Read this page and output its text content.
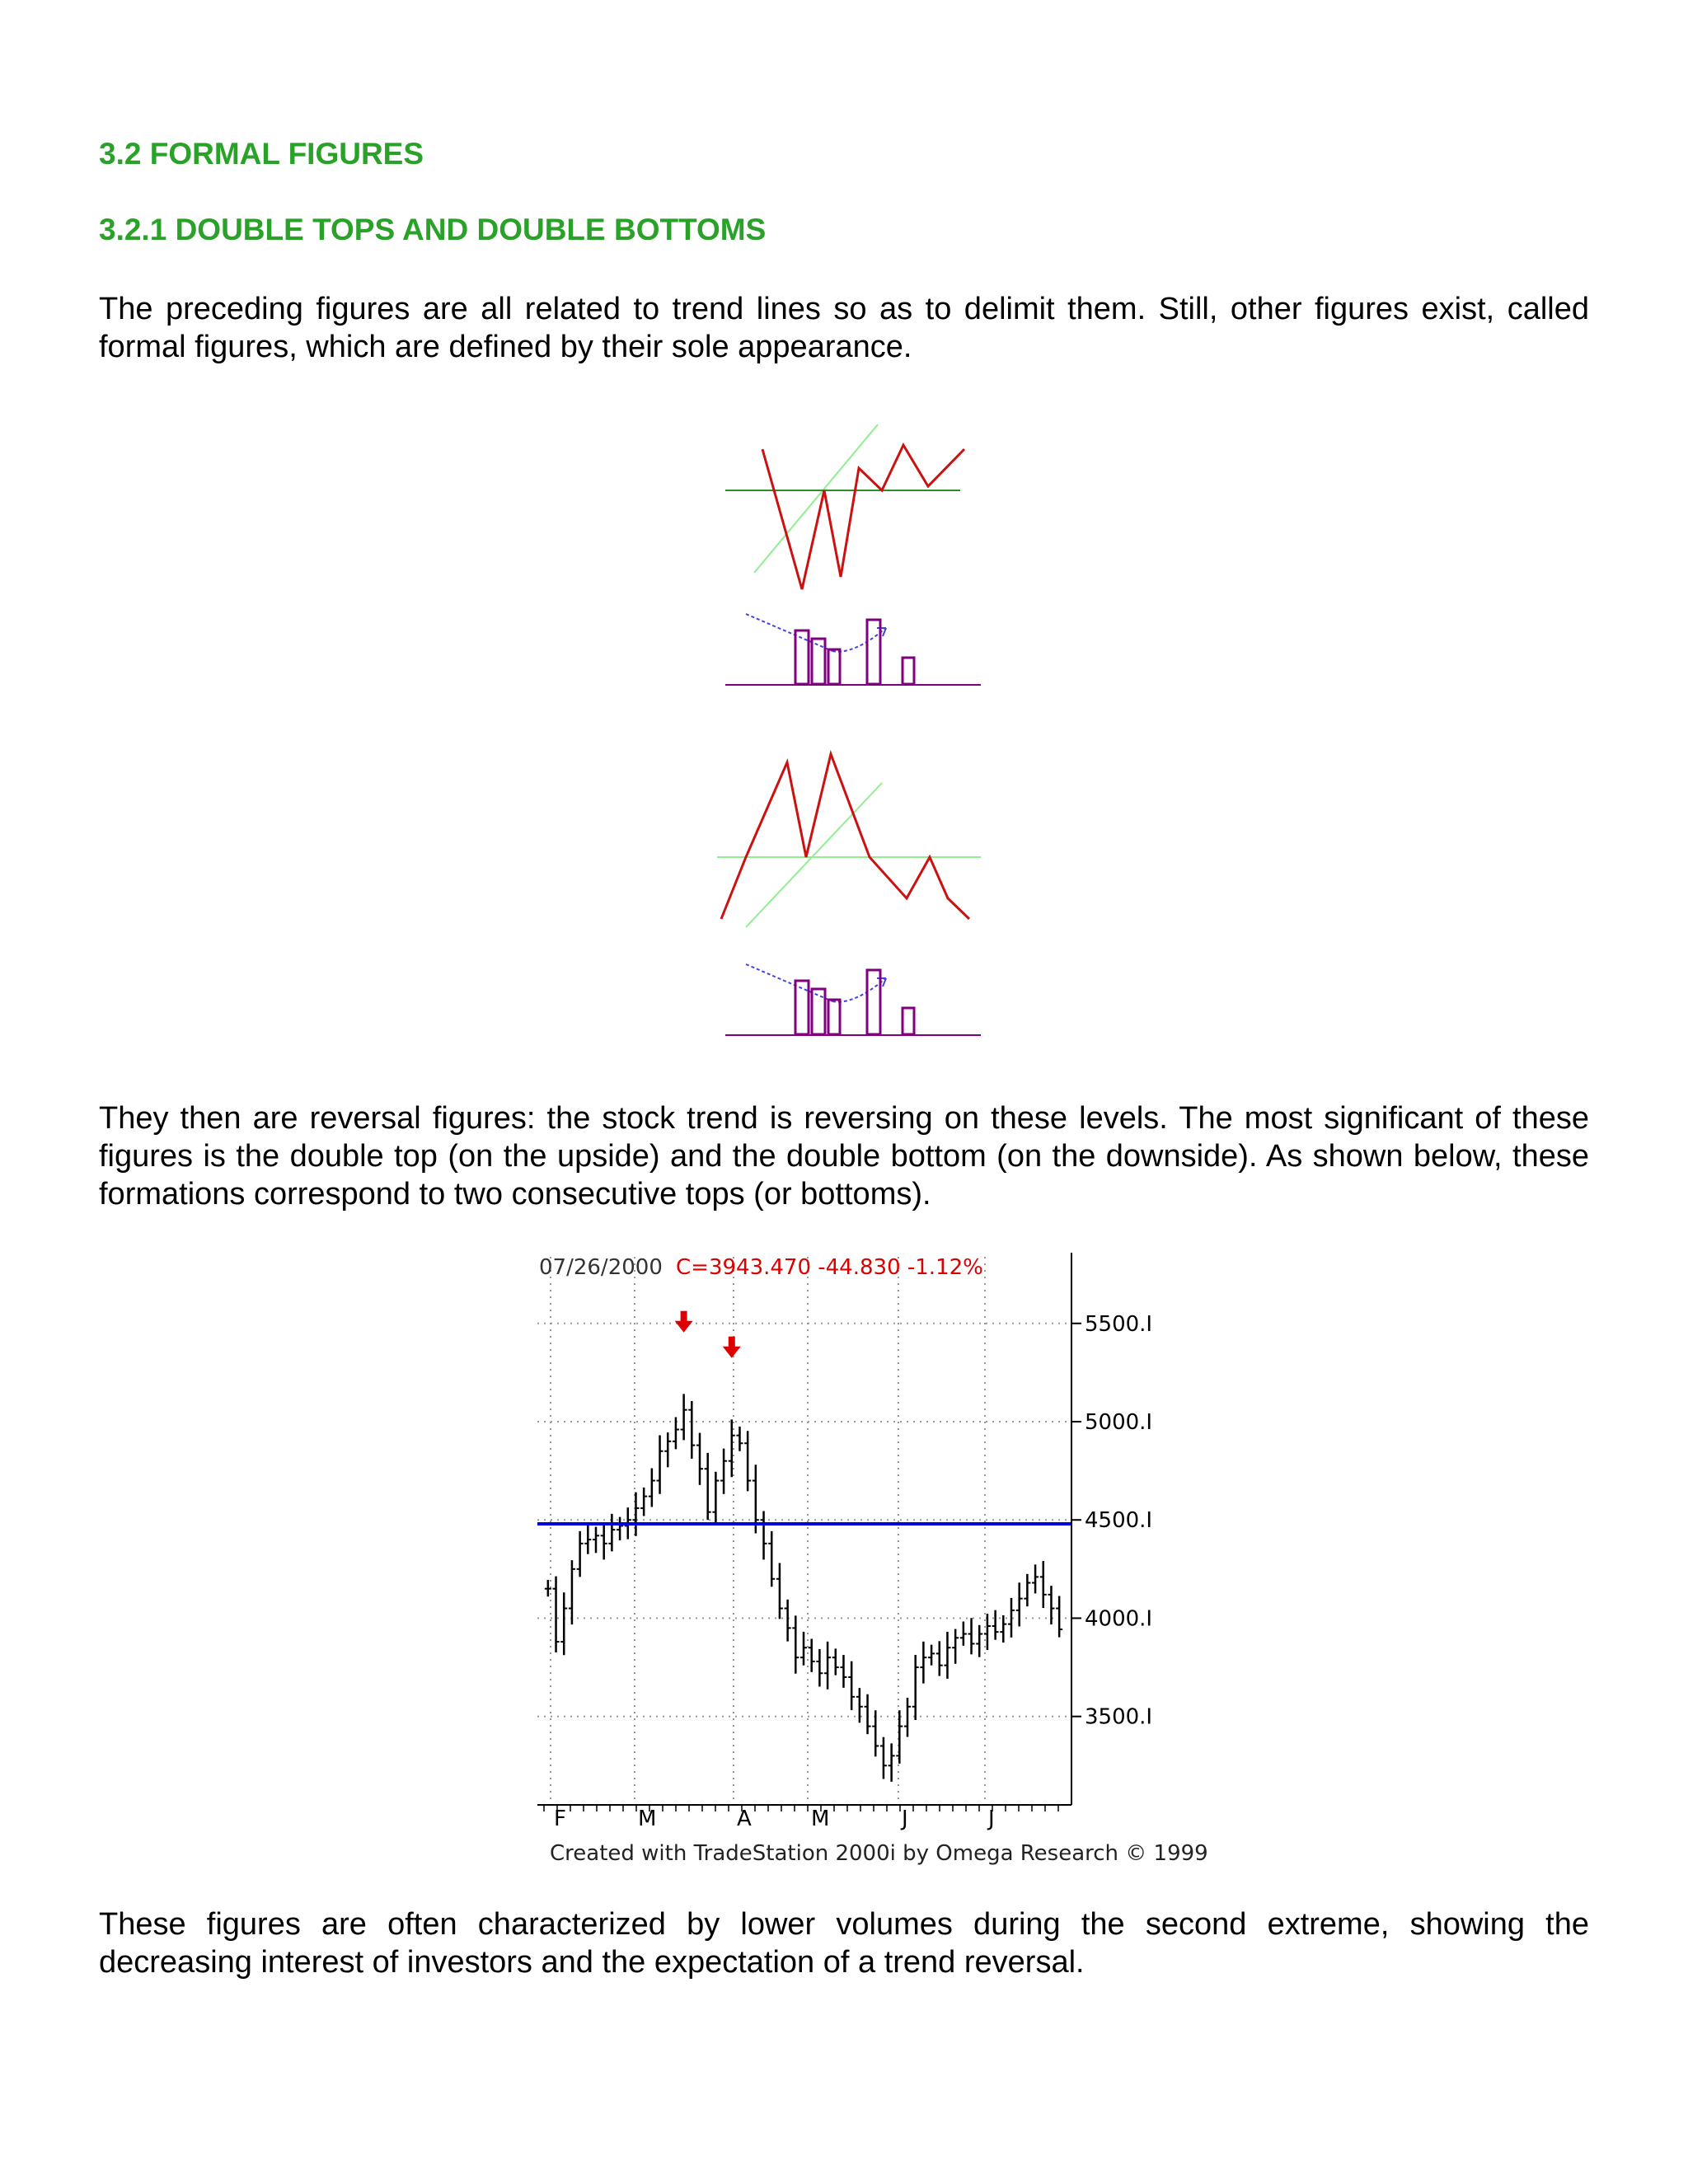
3.2 FORMAL FIGURES
3.2.1 DOUBLE TOPS AND DOUBLE BOTTOMS

The preceding figures are all related to trend lines so as to delimit them. Still, other figures exist, called formal figures, which are defined by their sole appearance.

They then are reversal figures: the stock trend is reversing on these levels. The most significant of these figures is the double top (on the upside) and the double bottom (on the downside). As shown below, these formations correspond to two consecutive tops (or bottoms).

07/26/2000 C=3943.470 -44.830 -1.12%
5500.I
5000.I
4500.I
4000.I
3500.I
F	M	A	M	J	J
Created with TradeStation 2000i by Omega Research © 1999

These figures are often characterized by lower volumes during the second extreme, showing the decreasing interest of investors and the expectation of a trend reversal.
